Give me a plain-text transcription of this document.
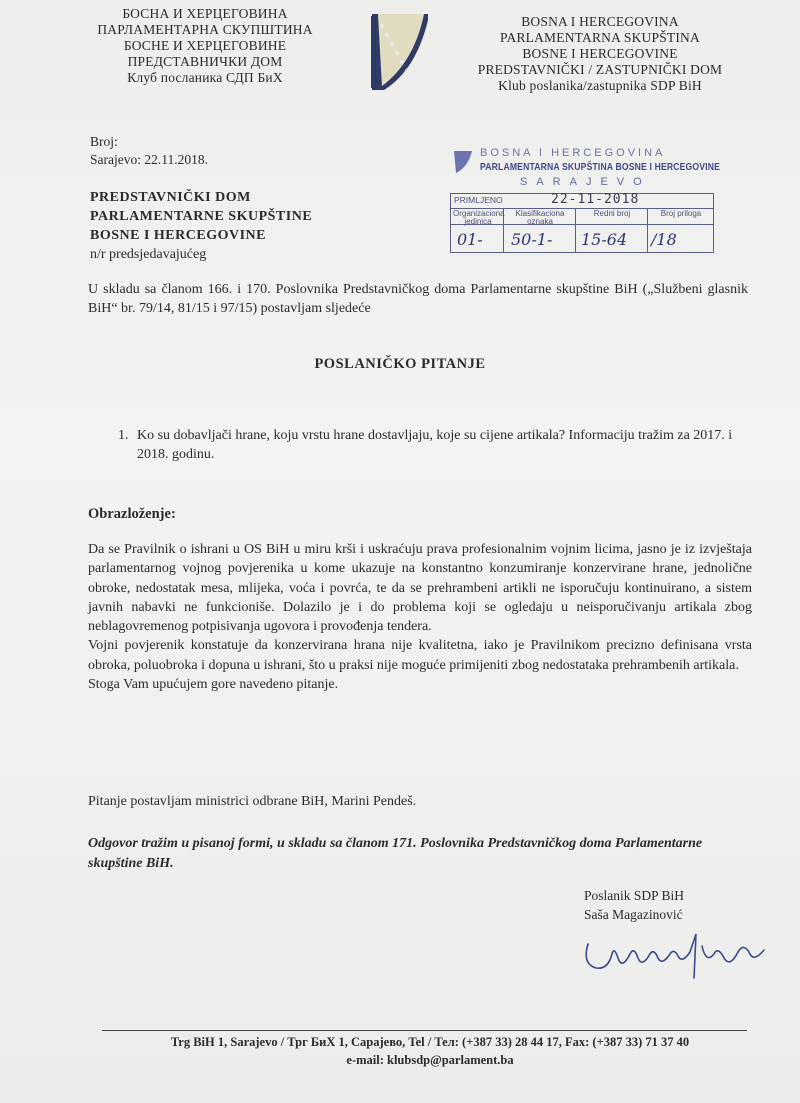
БОСНА И ХЕРЦЕГОВИНА
ПАРЛАМЕНТАРНА СКУПШТИНА
БОСНЕ И ХЕРЦЕГОВИНЕ
ПРЕДСТАВНИЧКИ ДОМ
Клуб посланика СДП БиХ
BOSNA I HERCEGOVINA
PARLAMENTARNA SKUPŠTINA
BOSNE I HERCEGOVINE
PREDSTAVNIČKI / ZASTUPNIČKI DOM
Klub poslanika/zastupnika SDP BiH
Broj:
Sarajevo: 22.11.2018.
PREDSTAVNIČKI DOM
PARLAMENTARNE SKUPŠTINE
BOSNE I HERCEGOVINE
n/r predsjedavajućeg
BOSNA I HERCEGOVINA
PARLAMENTARNA SKUPŠTINA BOSNE I HERCEGOVINE
SARAJEVO
PRIMLJENO	22-11-2018
Organizaciona jedinica
Klasifikaciona oznaka
Redni broj	Broj priloga
01- 50-1- 15-64 /18
U skladu sa članom 166. i 170. Poslovnika Predstavničkog doma Parlamentarne skupštine BiH („Službeni glasnik BiH“ br. 79/14, 81/15 i 97/15) postavljam sljedeće
POSLANIČKO PITANJE
1. Ko su dobavljači hrane, koju vrstu hrane dostavljaju, koje su cijene artikala? Informaciju tražim za 2017. i 2018. godinu.
Obrazloženje:

Da se Pravilnik o ishrani u OS BiH u miru krši i uskraćuju prava profesionalnim vojnim licima, jasno je iz izvještaja parlamentarnog vojnog povjerenika u kome ukazuje na konstantno konzumiranje konzervirane hrane, jednolične obroke, nedostatak mesa, mlijeka, voća i povrća, te da se prehrambeni artikli ne isporučuju kontinuirano, a sistem javnih nabavki ne funkcioniše. Dolazilo je i do problema koji se ogledaju u neisporučivanju artikala zbog neblagovremenog potpisivanja ugovora i provođenja tendera.

Vojni povjerenik konstatuje da konzervirana hrana nije kvalitetna, iako je Pravilnikom precizno definisana vrsta obroka, poluobroka i dopuna u ishrani, što u praksi nije moguće primijeniti zbog nedostataka prehrambenih artikala.

Stoga Vam upućujem gore navedeno pitanje.

Pitanje postavljam ministrici odbrane BiH, Marini Pendeš.
Odgovor tražim u pisanoj formi, u skladu sa članom 171. Poslovnika Predstavničkog doma Parlamentarne skupštine BiH.
Poslanik SDP BiH
Saša Magazinović
Trg BiH 1, Sarajevo / Трг БиХ 1, Сарајево, Tel / Тел: (+387 33) 28 44 17, Fax: (+387 33) 71 37 40
e-mail: klubsdp@parlament.ba
